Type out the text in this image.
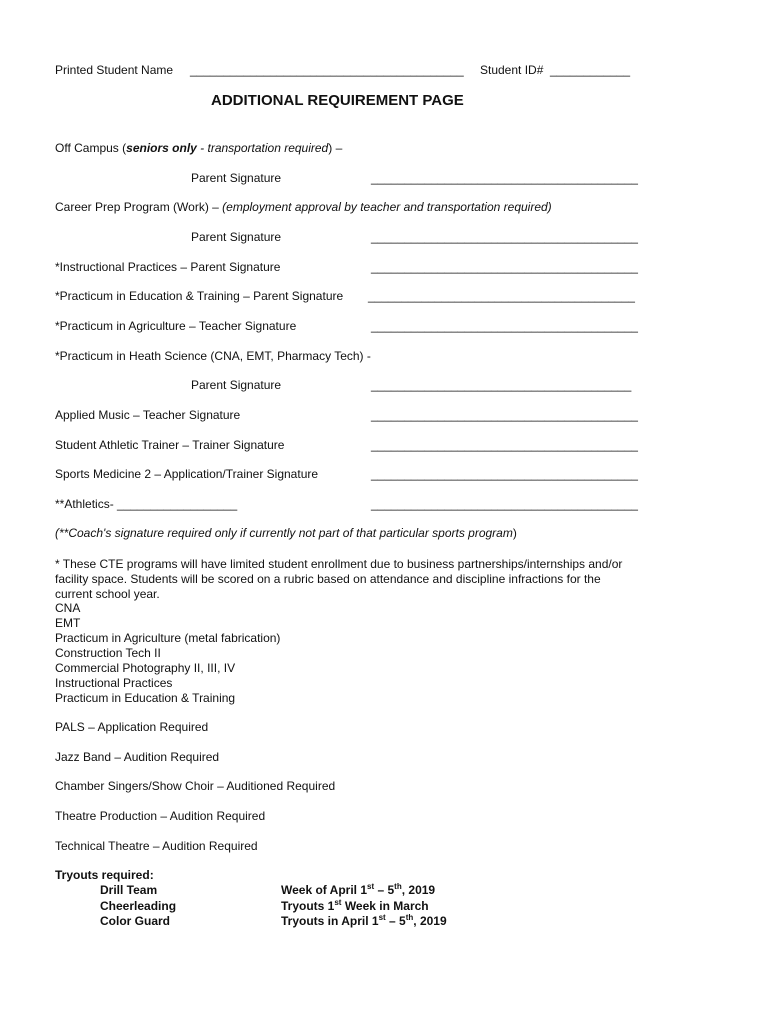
Printed Student Name _________________________________________ Student ID# ____________
ADDITIONAL REQUIREMENT PAGE
Off Campus (seniors only - transportation required) –
Parent Signature	________________________________________
Career Prep Program (Work) – (employment approval by teacher and transportation required)
Parent Signature	________________________________________
*Instructional Practices – Parent Signature	________________________________________
*Practicum in Education & Training – Parent Signature ________________________________________
*Practicum in Agriculture – Teacher Signature	________________________________________
*Practicum in Heath Science (CNA, EMT, Pharmacy Tech) -
Parent Signature	_______________________________________
Applied Music – Teacher Signature	________________________________________
Student Athletic Trainer – Trainer Signature	________________________________________
Sports Medicine 2 – Application/Trainer Signature	________________________________________
**Athletics- __________________	________________________________________
(**Coach's signature required only if currently not part of that particular sports program)
* These CTE programs will have limited student enrollment due to business partnerships/internships and/or facility space. Students will be scored on a rubric based on attendance and discipline infractions for the current school year.
CNA
EMT
Practicum in Agriculture (metal fabrication)
Construction Tech II
Commercial Photography II, III, IV
Instructional Practices
Practicum in Education & Training
PALS – Application Required
Jazz Band – Audition Required
Chamber Singers/Show Choir – Auditioned Required
Theatre Production – Audition Required
Technical Theatre – Audition Required
Tryouts required:
Drill Team	Week of April 1st – 5th, 2019
Cheerleading	Tryouts 1st Week in March
Color Guard	Tryouts in April 1st – 5th, 2019
